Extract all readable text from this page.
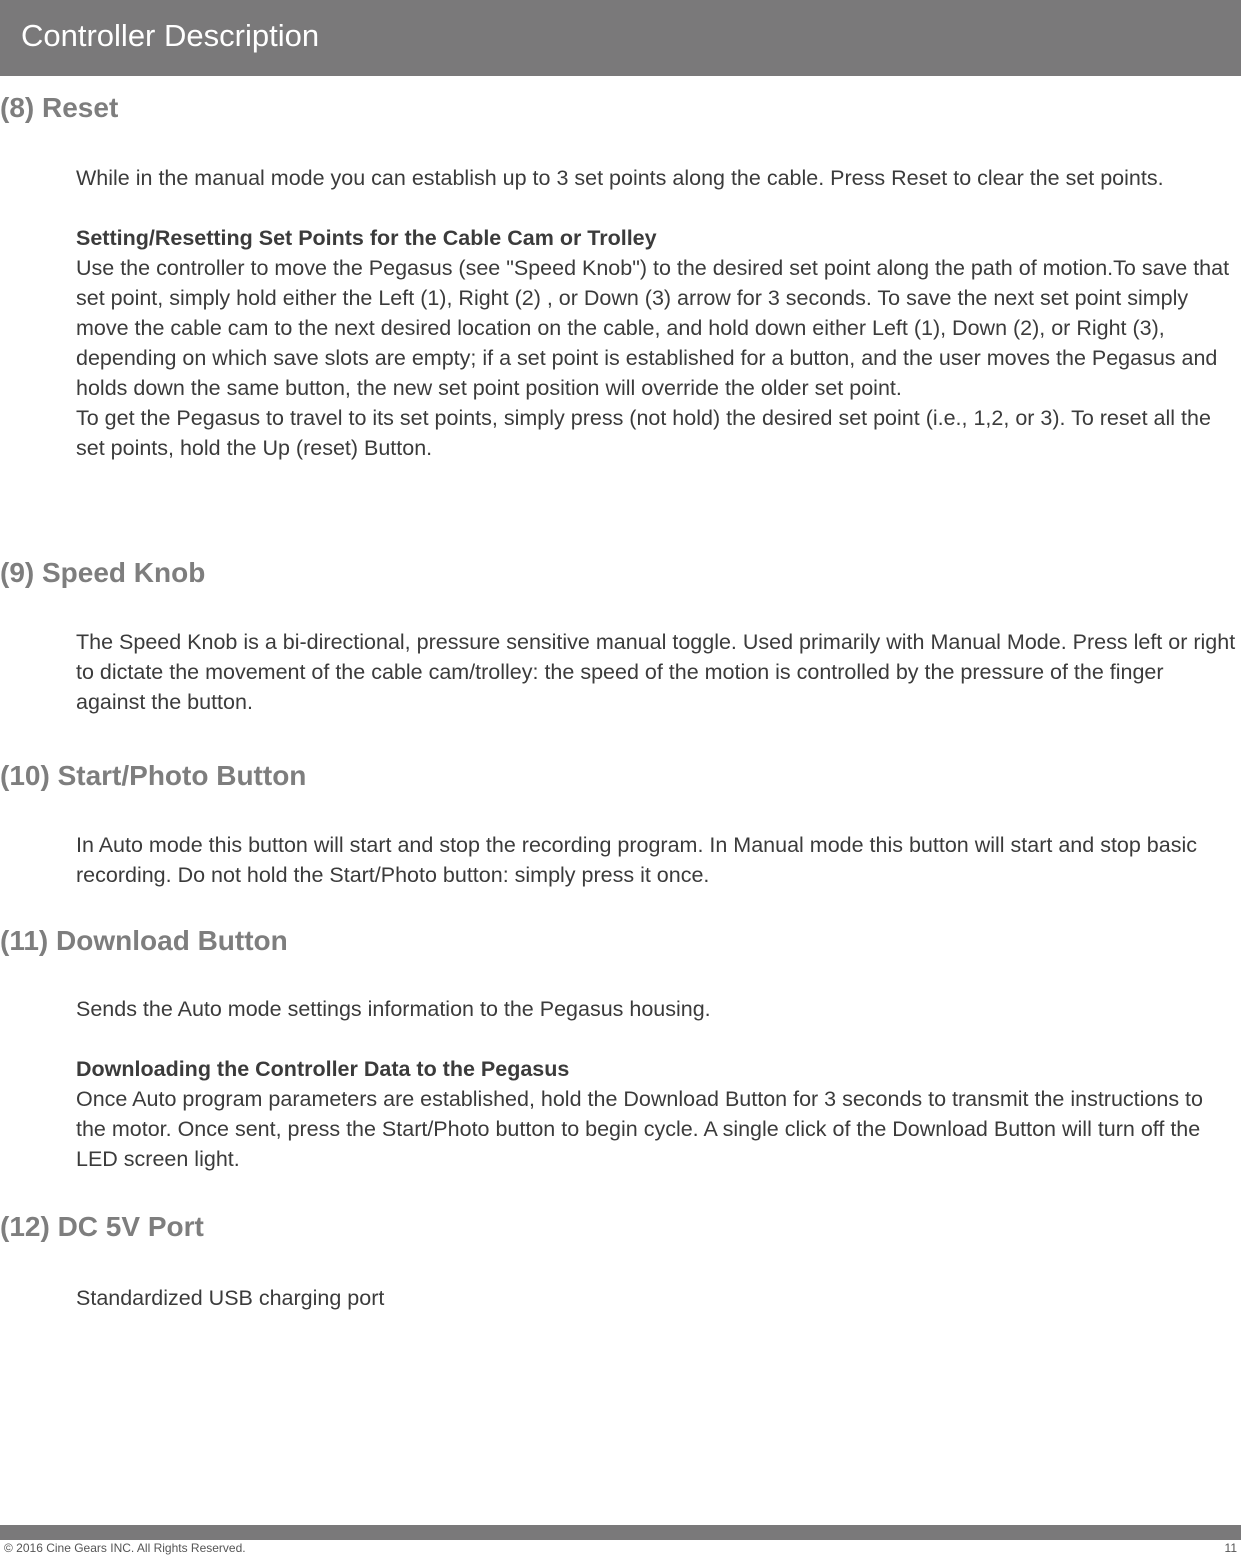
Controller Description
(8) Reset

While in the manual mode you can establish up to 3 set points along the cable. Press Reset to clear the set points.

Setting/Resetting Set Points for the Cable Cam or Trolley

Use the controller to move the Pegasus (see "Speed Knob") to the desired set point along the path of motion.To save that set point, simply hold either the Left (1), Right (2) , or Down (3) arrow for 3 seconds. To save the next set point simply move the cable cam to the next desired location on the cable, and hold down either Left (1), Down (2), or Right (3), depending on which save slots are empty; if a set point is established for a button, and the user moves the Pegasus and holds down the same button, the new set point position will override the older set point.

To get the Pegasus to travel to its set points, simply press (not hold) the desired set point (i.e., 1,2, or 3). To reset all the set points, hold the Up (reset) Button.

(9) Speed Knob

The Speed Knob is a bi-directional, pressure sensitive manual toggle. Used primarily with Manual Mode. Press left or right to dictate the movement of the cable cam/trolley: the speed of the motion is controlled by the pressure of the finger against the button.

(10) Start/Photo Button

In Auto mode this button will start and stop the recording program. In Manual mode this button will start and stop basic recording. Do not hold the Start/Photo button: simply press it once.

(11) Download Button

Sends the Auto mode settings information to the Pegasus housing.

Downloading the Controller Data to the Pegasus

Once Auto program parameters are established, hold the Download Button for 3 seconds to transmit the instructions to the motor. Once sent, press the Start/Photo button to begin cycle. A single click of the Download Button will turn off the LED screen light.

(12) DC 5V Port

Standardized USB charging port

© 2016 Cine Gears INC. All Rights Reserved.	11
